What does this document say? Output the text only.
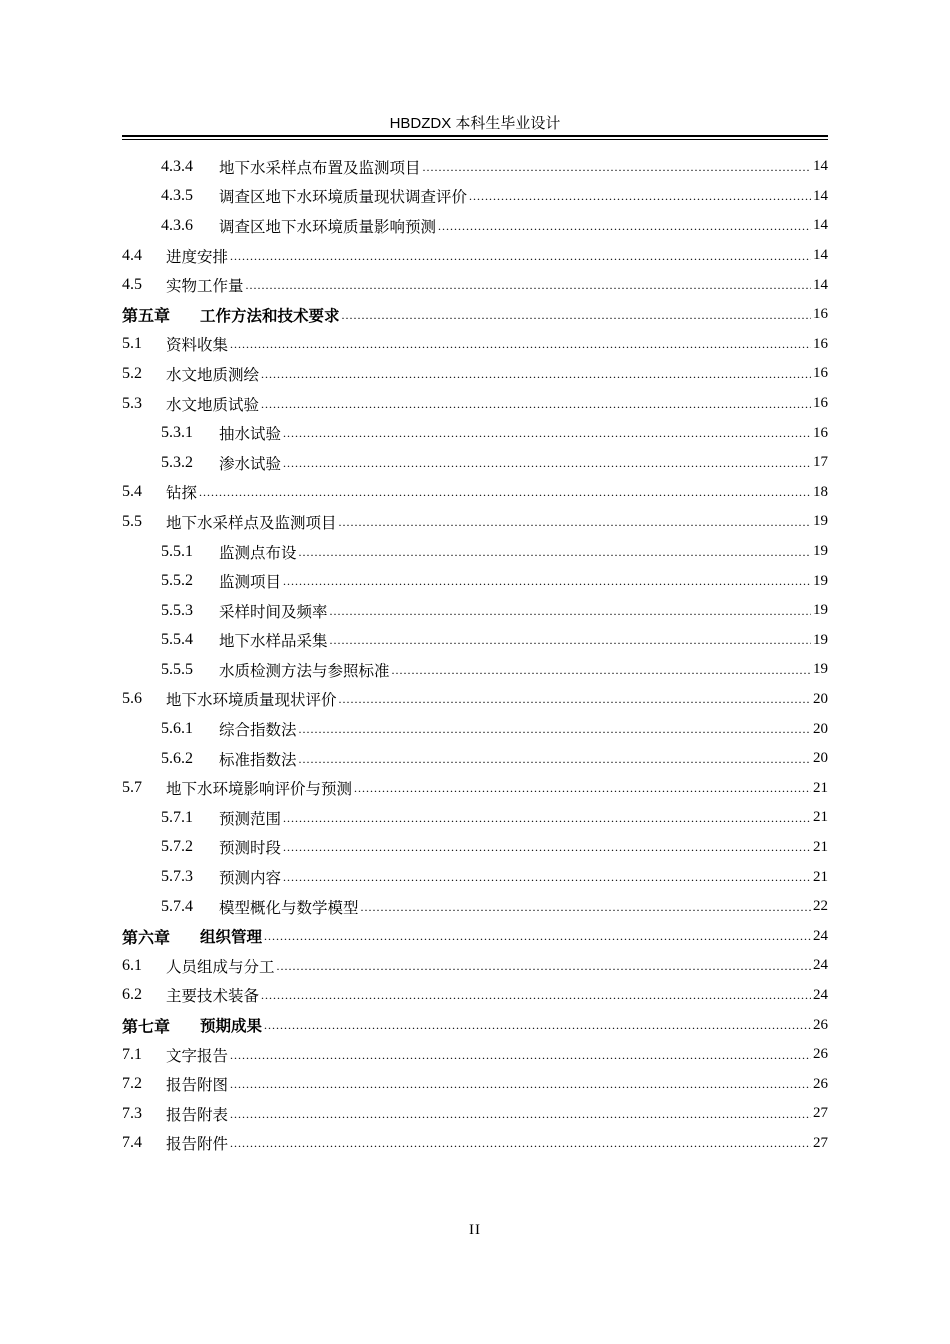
HBDZDX 本科生毕业设计
4.3.4	地下水采样点布置及监测项目 .....	14
4.3.5	调查区地下水环境质量现状调查评价 .....	14
4.3.6	调查区地下水环境质量影响预测 .....	14
4.4	进度安排 .....	14
4.5	实物工作量 .....	14
第五章	工作方法和技术要求 .....	16
5.1	资料收集 .....	16
5.2	水文地质测绘 .....	16
5.3	水文地质试验 .....	16
5.3.1	抽水试验 .....	16
5.3.2	渗水试验 .....	17
5.4	钻探 .....	18
5.5	地下水采样点及监测项目 .....	19
5.5.1	监测点布设 .....	19
5.5.2	监测项目 .....	19
5.5.3	采样时间及频率 .....	19
5.5.4	地下水样品采集 .....	19
5.5.5	水质检测方法与参照标准 .....	19
5.6	地下水环境质量现状评价 .....	20
5.6.1	综合指数法 .....	20
5.6.2	标准指数法 .....	20
5.7	地下水环境影响评价与预测 .....	21
5.7.1	预测范围 .....	21
5.7.2	预测时段 .....	21
5.7.3	预测内容 .....	21
5.7.4	模型概化与数学模型 .....	22
第六章	组织管理 .....	24
6.1	人员组成与分工 .....	24
6.2	主要技术装备 .....	24
第七章	预期成果 .....	26
7.1	文字报告 .....	26
7.2	报告附图 .....	26
7.3	报告附表 .....	27
7.4	报告附件 .....	27
II
